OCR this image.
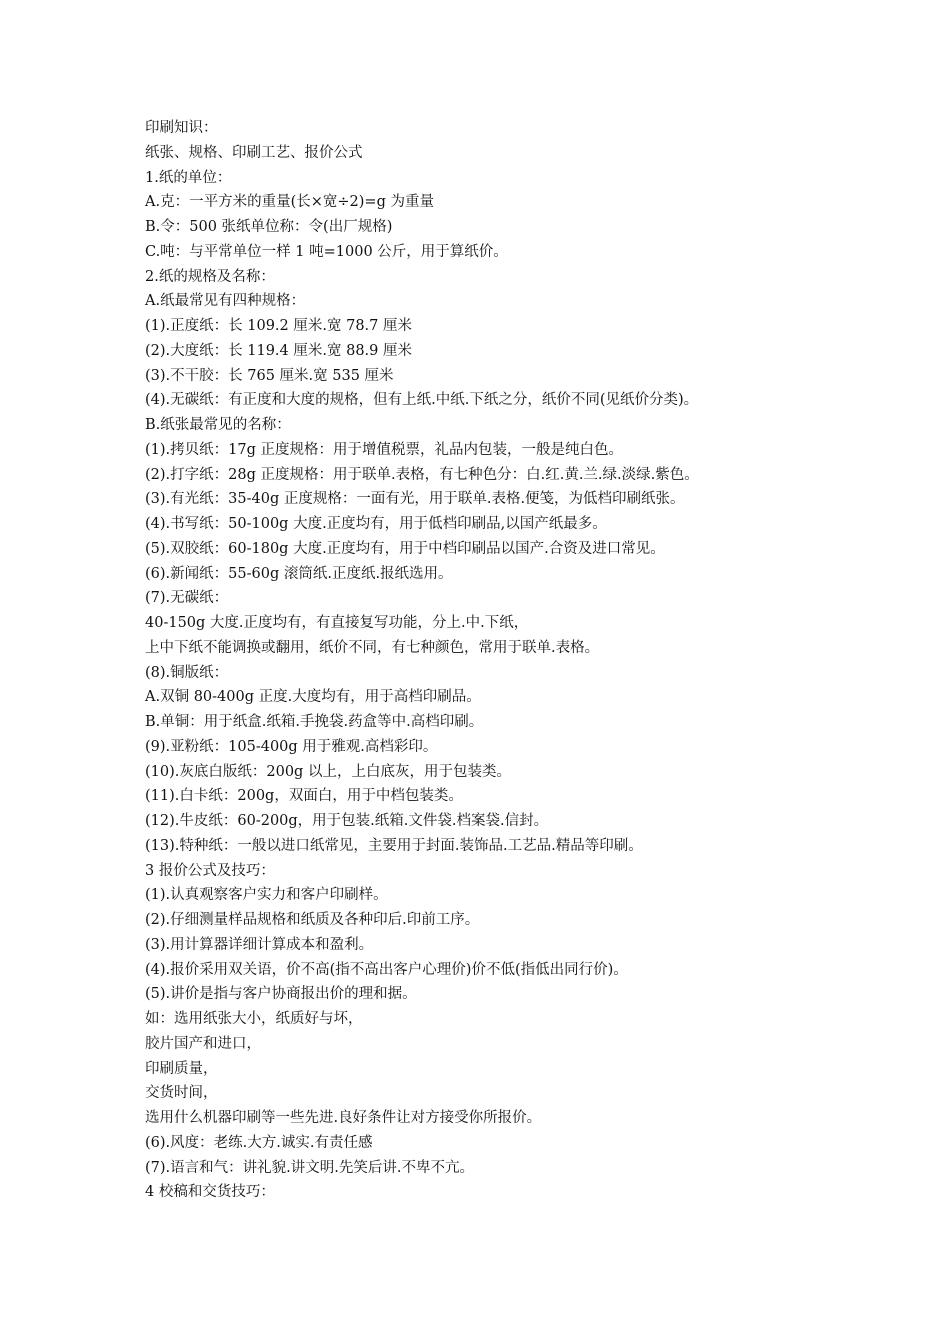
印刷知识：
纸张、规格、印刷工艺、报价公式
1.纸的单位：
A.克：一平方米的重量(长×宽÷2)=g 为重量
B.令：500 张纸单位称：令(出厂规格)
C.吨：与平常单位一样 1 吨=1000 公斤，用于算纸价。
2.纸的规格及名称：
A.纸最常见有四种规格：
(1).正度纸：长 109.2 厘米.宽 78.7 厘米
(2).大度纸：长 119.4 厘米.宽 88.9 厘米
(3).不干胶：长 765 厘米.宽 535 厘米
(4).无碳纸：有正度和大度的规格，但有上纸.中纸.下纸之分，纸价不同(见纸价分类)。
B.纸张最常见的名称：
(1).拷贝纸：17g 正度规格：用于增值税票，礼品内包装，一般是纯白色。
(2).打字纸：28g 正度规格：用于联单.表格，有七种色分：白.红.黄.兰.绿.淡绿.紫色。
(3).有光纸：35-40g 正度规格：一面有光，用于联单.表格.便笺，为低档印刷纸张。
(4).书写纸：50-100g 大度.正度均有，用于低档印刷品,以国产纸最多。
(5).双胶纸：60-180g 大度.正度均有，用于中档印刷品以国产.合资及进口常见。
(6).新闻纸：55-60g 滚筒纸.正度纸.报纸选用。
(7).无碳纸：
40-150g 大度.正度均有，有直接复写功能，分上.中.下纸，
上中下纸不能调换或翻用，纸价不同，有七种颜色，常用于联单.表格。
(8).铜版纸：
A.双铜 80-400g 正度.大度均有，用于高档印刷品。
B.单铜：用于纸盒.纸箱.手挽袋.药盒等中.高档印刷。
(9).亚粉纸：105-400g 用于雅观.高档彩印。
(10).灰底白版纸：200g 以上，上白底灰，用于包装类。
(11).白卡纸：200g，双面白，用于中档包装类。
(12).牛皮纸：60-200g，用于包装.纸箱.文件袋.档案袋.信封。
(13).特种纸：一般以进口纸常见，主要用于封面.装饰品.工艺品.精品等印刷。
3 报价公式及技巧：
(1).认真观察客户实力和客户印刷样。
(2).仔细测量样品规格和纸质及各种印后.印前工序。
(3).用计算器详细计算成本和盈利。
(4).报价采用双关语，价不高(指不高出客户心理价)价不低(指低出同行价)。
(5).讲价是指与客户协商报出价的理和据。
如：选用纸张大小，纸质好与坏，
胶片国产和进口，
印刷质量，
交货时间，
选用什么机器印刷等一些先进.良好条件让对方接受你所报价。
(6).风度：老练.大方.诚实.有责任感
(7).语言和气：讲礼貌.讲文明.先笑后讲.不卑不亢。
4 校稿和交货技巧：
